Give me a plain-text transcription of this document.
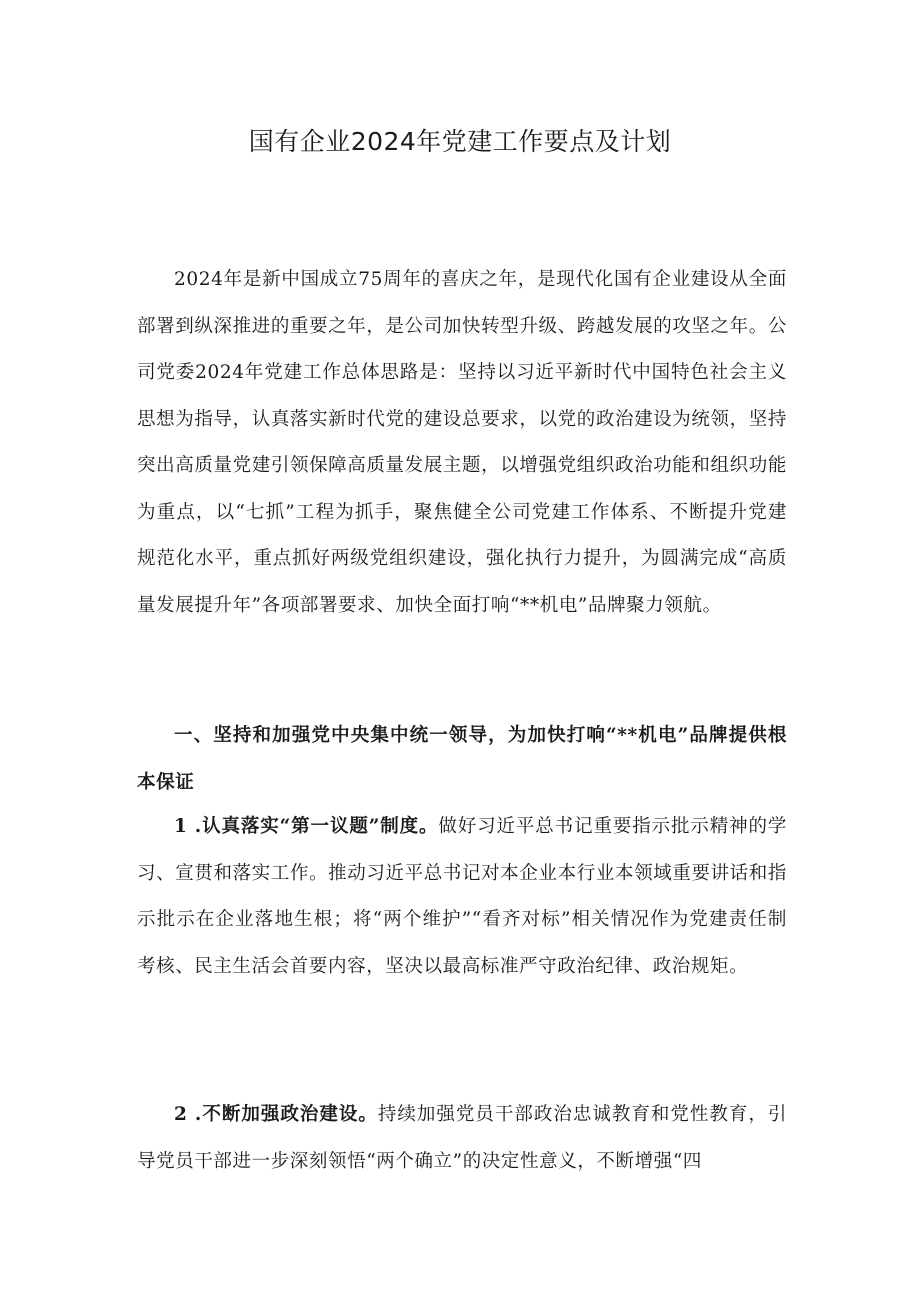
国有企业2024年党建工作要点及计划

2024年是新中国成立75周年的喜庆之年，是现代化国有企业建设从全面部署到纵深推进的重要之年，是公司加快转型升级、跨越发展的攻坚之年。公司党委2024年党建工作总体思路是：坚持以习近平新时代中国特色社会主义思想为指导，认真落实新时代党的建设总要求，以党的政治建设为统领，坚持突出高质量党建引领保障高质量发展主题，以增强党组织政治功能和组织功能为重点，以“七抓”工程为抓手，聚焦健全公司党建工作体系、不断提升党建规范化水平，重点抓好两级党组织建设，强化执行力提升，为圆满完成“高质量发展提升年”各项部署要求、加快全面打响“**机电”品牌聚力领航。

一、坚持和加强党中央集中统一领导，为加快打响“**机电”品牌提供根本保证

1 .认真落实“第一议题”制度。做好习近平总书记重要指示批示精神的学习、宣贯和落实工作。推动习近平总书记对本企业本行业本领域重要讲话和指示批示在企业落地生根；将“两个维护”“看齐对标”相关情况作为党建责任制考核、民主生活会首要内容，坚决以最高标准严守政治纪律、政治规矩。

2 .不断加强政治建设。持续加强党员干部政治忠诚教育和党性教育，引导党员干部进一步深刻领悟“两个确立”的决定性意义，不断增强“四
